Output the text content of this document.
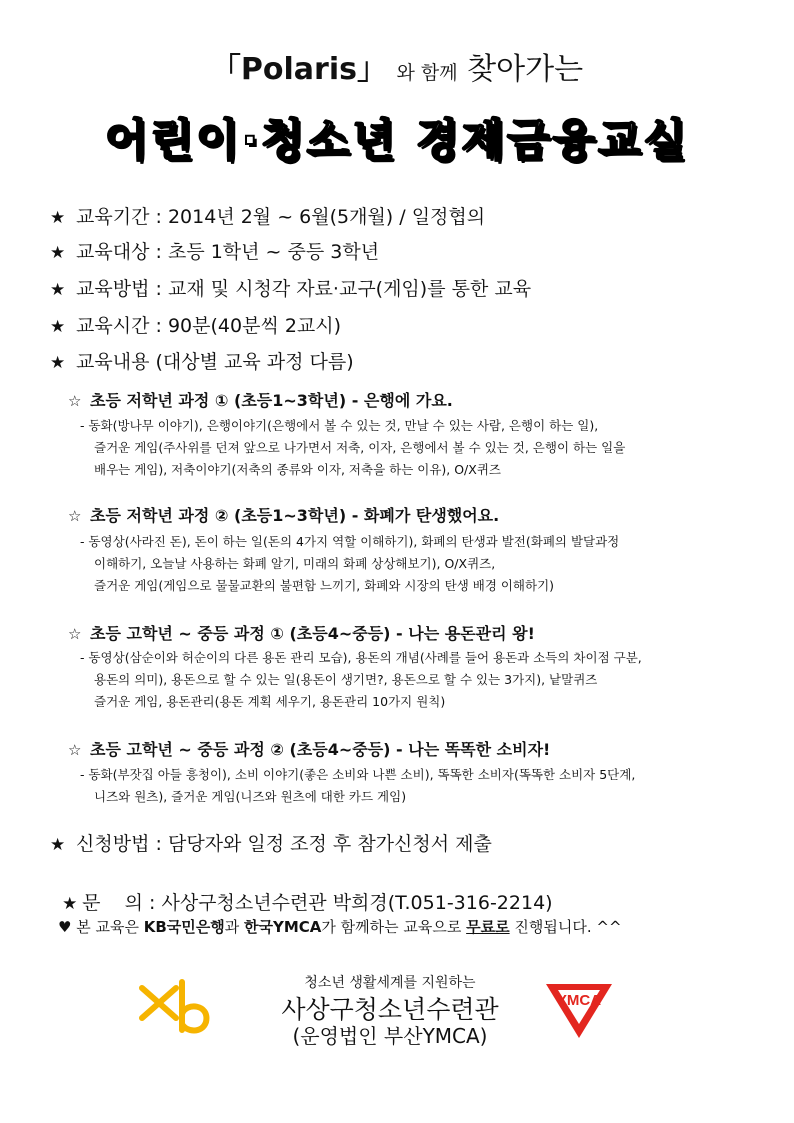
「Polaris」 와 함께 찾아가는
어린이·청소년 경제금융교실
★ 교육기간 : 2014년 2월 ~ 6월(5개월) / 일정협의
★ 교육대상 : 초등 1학년 ~ 중등 3학년
★ 교육방법 : 교재 및 시청각 자료·교구(게임)를 통한 교육
★ 교육시간 : 90분(40분씩 2교시)
★ 교육내용 (대상별 교육 과정 다름)
☆ 초등 저학년 과정 ① (초등1~3학년) - 은행에 가요.
- 동화(방나무 이야기), 은행이야기(은행에서 볼 수 있는 것, 만날 수 있는 사람, 은행이 하는 일),
즐거운 게임(주사위를 던져 앞으로 나가면서 저축, 이자, 은행에서 볼 수 있는 것, 은행이 하는 일을
배우는 게임), 저축이야기(저축의 종류와 이자, 저축을 하는 이유), O/X퀴즈
☆ 초등 저학년 과정 ② (초등1~3학년) - 화폐가 탄생했어요.
- 동영상(사라진 돈), 돈이 하는 일(돈의 4가지 역할 이해하기), 화폐의 탄생과 발전(화폐의 발달과정
이해하기, 오늘날 사용하는 화폐 알기, 미래의 화폐 상상해보기), O/X퀴즈,
즐거운 게임(게임으로 물물교환의 불편함 느끼기, 화폐와 시장의 탄생 배경 이해하기)
☆ 초등 고학년 ~ 중등 과정 ① (초등4~중등) - 나는 용돈관리 왕!
- 동영상(삼순이와 허순이의 다른 용돈 관리 모습), 용돈의 개념(사례를 들어 용돈과 소득의 차이점 구분,
용돈의 의미), 용돈으로 할 수 있는 일(용돈이 생기면?, 용돈으로 할 수 있는 3가지), 낱말퀴즈
즐거운 게임, 용돈관리(용돈 계획 세우기, 용돈관리 10가지 원칙)
☆ 초등 고학년 ~ 중등 과정 ② (초등4~중등) - 나는 똑똑한 소비자!
- 동화(부잣집 아들 흥청이), 소비 이야기(좋은 소비와 나쁜 소비), 똑똑한 소비자(똑똑한 소비자 5단계,
니즈와 원츠), 즐거운 게임(니즈와 원츠에 대한 카드 게임)
★ 신청방법 : 담당자와 일정 조정 후 참가신청서 제출

★ 문    의 : 사상구청소년수련관 박희경(T.051-316-2214)

♥ 본 교육은 KB국민은행과 한국YMCA가 함께하는 교육으로 무료로 진행됩니다. ^^
청소년 생활세계를 지원하는
사상구청소년수련관
(운영법인 부산YMCA)
YMCA
